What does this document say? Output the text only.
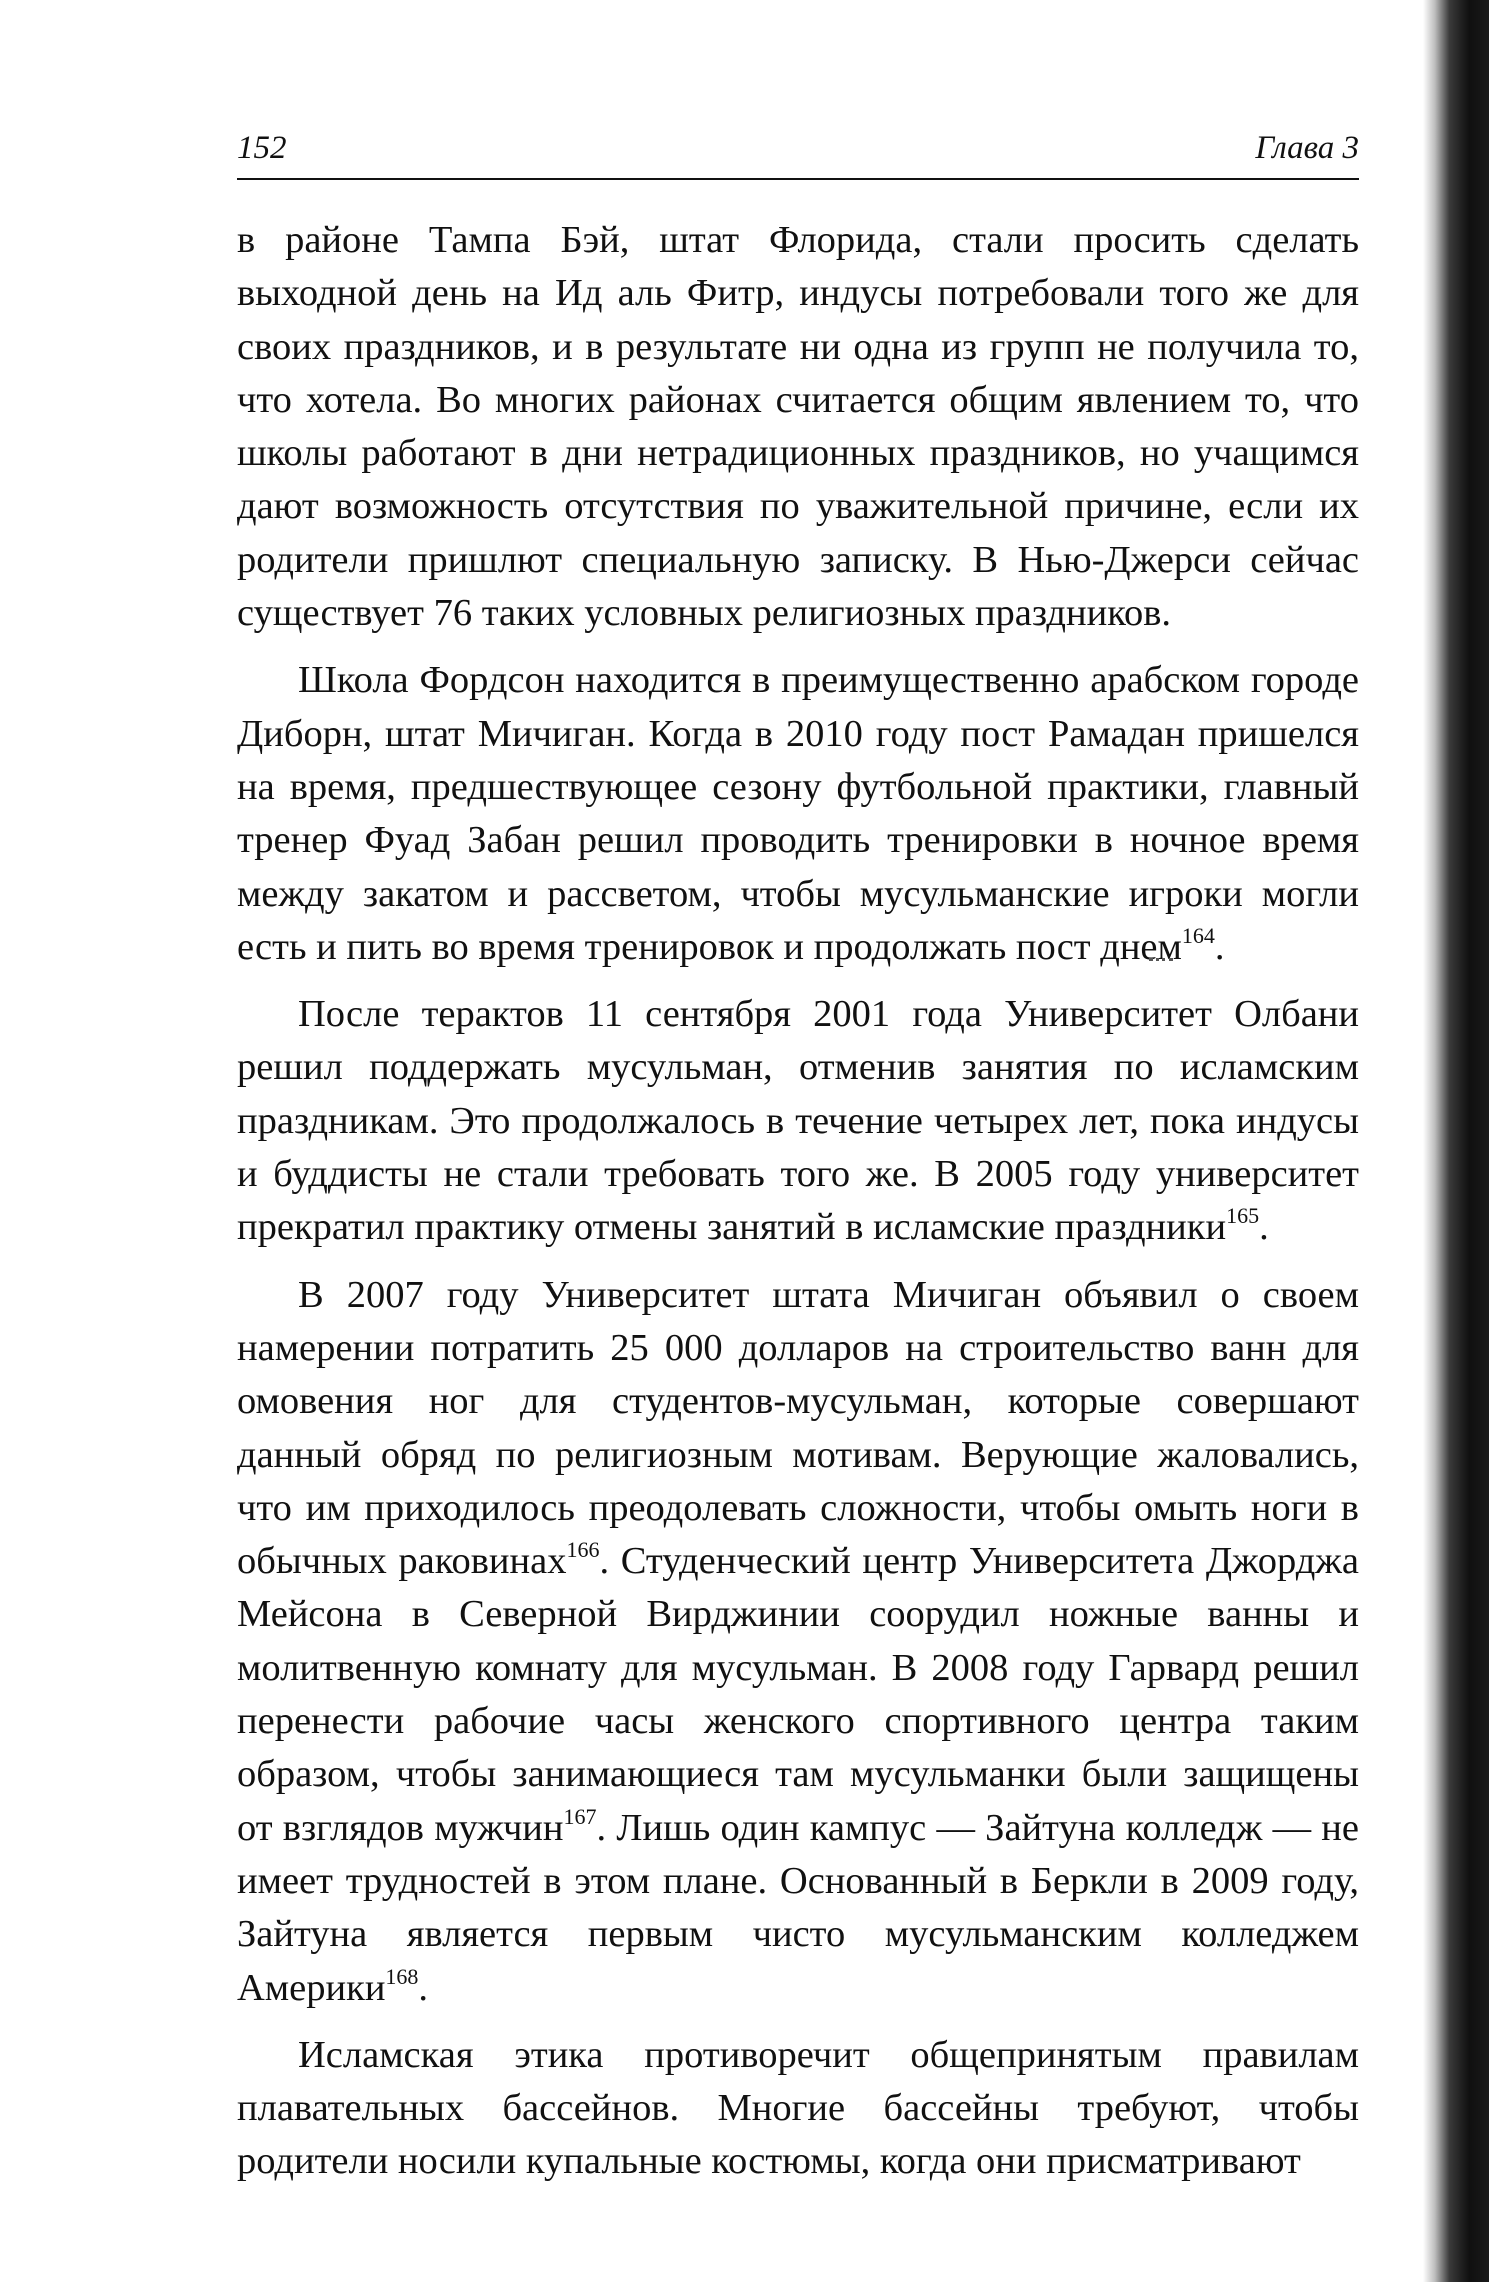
152	Глава 3

в районе Тампа Бэй, штат Флорида, стали просить сделать выходной день на Ид аль Фитр, индусы потребовали того же для своих праздников, и в результате ни одна из групп не получила то, что хотела. Во многих районах считается общим явлением то, что школы работают в дни нетрадиционных праздников, но учащимся дают возможность отсутствия по уважительной причине, если их родители пришлют специальную записку. В Нью-Джерси сейчас существует 76 таких условных религиозных праздников.

Школа Фордсон находится в преимущественно арабском городе Диборн, штат Мичиган. Когда в 2010 году пост Рамадан пришелся на время, предшествующее сезону футбольной практики, главный тренер Фуад Забан решил проводить тренировки в ночное время между закатом и рассветом, чтобы мусульманские игроки могли есть и пить во время тренировок и продолжать пост днем$^{164}$.

После терактов 11 сентября 2001 года Университет Олбани решил поддержать мусульман, отменив занятия по исламским праздникам. Это продолжалось в течение четырех лет, пока индусы и буддисты не стали требовать того же. В 2005 году университет прекратил практику отмены занятий в исламские праздники$^{165}$.

В 2007 году Университет штата Мичиган объявил о своем намерении потратить 25 000 долларов на строительство ванн для омовения ног для студентов-мусульман, которые совершают данный обряд по религиозным мотивам. Верующие жаловались, что им приходилось преодолевать сложности, чтобы омыть ноги в обычных раковинах$^{166}$. Студенческий центр Университета Джорджа Мейсона в Северной Вирджинии соорудил ножные ванны и молитвенную комнату для мусульман. В 2008 году Гарвард решил перенести рабочие часы женского спортивного центра таким образом, чтобы занимающиеся там мусульманки были защищены от взглядов мужчин$^{167}$. Лишь один кампус — Зайтуна колледж — не имеет трудностей в этом плане. Основанный в Беркли в 2009 году, Зайтуна является первым чисто мусульманским колледжем Америки$^{168}$.

Исламская этика противоречит общепринятым правилам плавательных бассейнов. Многие бассейны требуют, чтобы родители носили купальные костюмы, когда они присматривают
